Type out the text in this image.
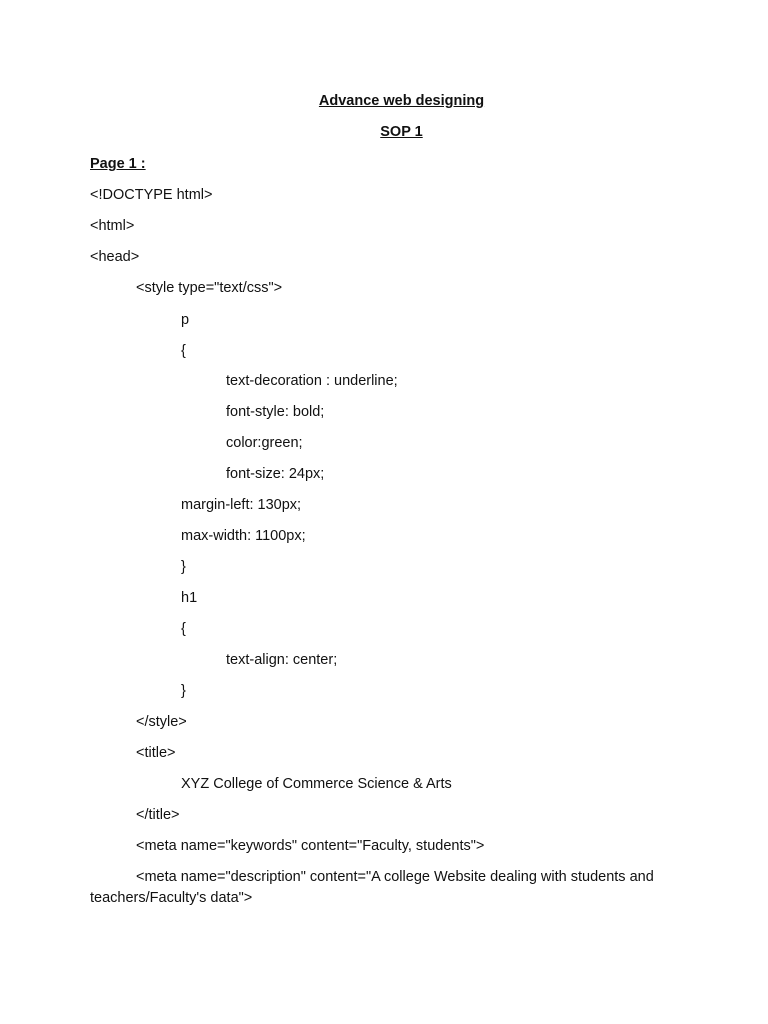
Advance web designing
SOP 1
Page 1 :
<!DOCTYPE html>
<html>
<head>
<style type="text/css">
p
{
text-decoration : underline;
font-style: bold;
color:green;
font-size: 24px;
margin-left: 130px;
max-width: 1100px;
}
h1
{
text-align: center;
}
</style>
<title>
XYZ College of Commerce Science & Arts
</title>
<meta name="keywords" content="Faculty, students">
<meta name="description" content="A college Website dealing with students and teachers/Faculty's data">
